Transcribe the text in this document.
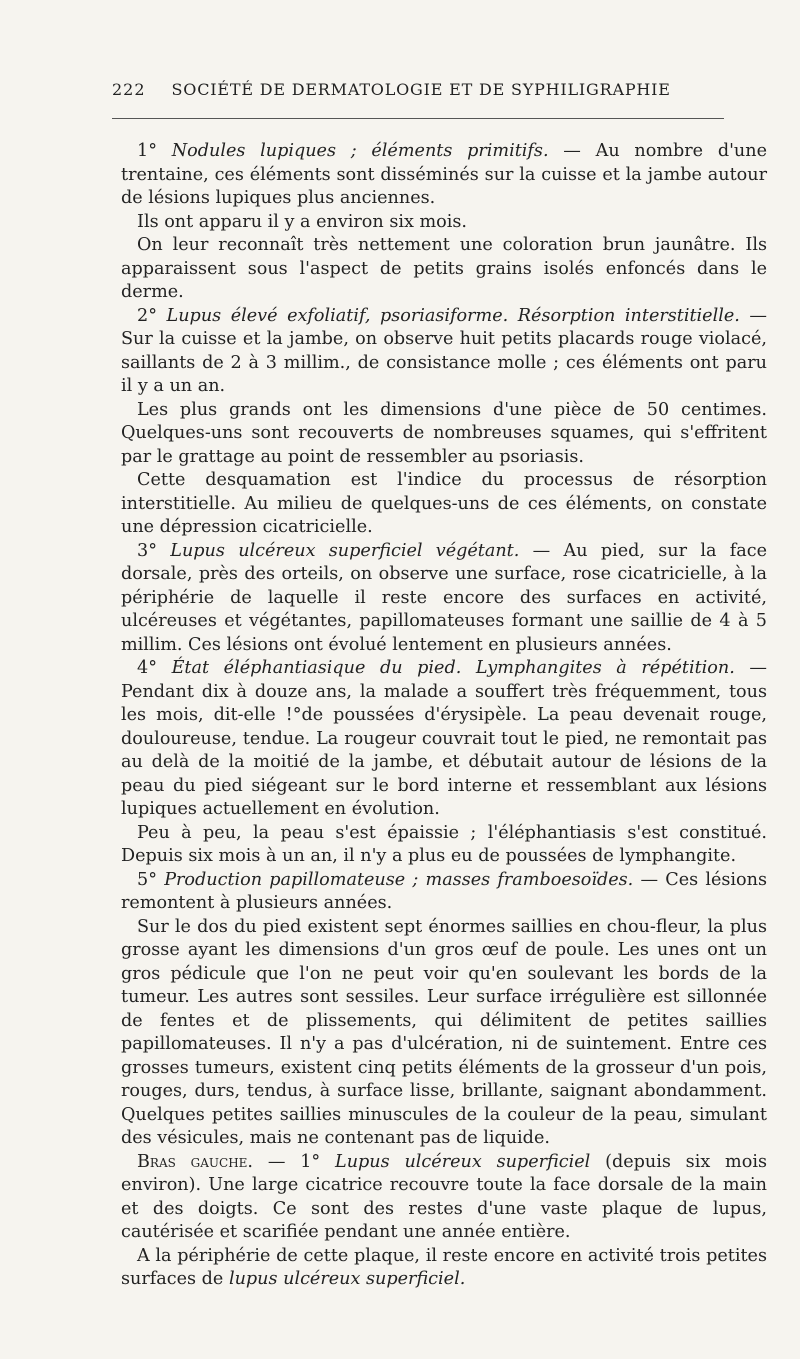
222 SOCIÉTÉ DE DERMATOLOGIE ET DE SYPHILIGRAPHIE

1° Nodules lupiques ; éléments primitifs. — Au nombre d'une trentaine, ces éléments sont disséminés sur la cuisse et la jambe autour de lésions lupiques plus anciennes.

Ils ont apparu il y a environ six mois.

On leur reconnaît très nettement une coloration brun jaunâtre. Ils apparaissent sous l'aspect de petits grains isolés enfoncés dans le derme.

2° Lupus élevé exfoliatif, psoriasiforme. Résorption interstitielle. — Sur la cuisse et la jambe, on observe huit petits placards rouge violacé, saillants de 2 à 3 millim., de consistance molle ; ces éléments ont paru il y a un an.

Les plus grands ont les dimensions d'une pièce de 50 centimes. Quelques-uns sont recouverts de nombreuses squames, qui s'effritent par le grattage au point de ressembler au psoriasis.

Cette desquamation est l'indice du processus de résorption interstitielle. Au milieu de quelques-uns de ces éléments, on constate une dépression cicatricielle.

3° Lupus ulcéreux superficiel végétant. — Au pied, sur la face dorsale, près des orteils, on observe une surface, rose cicatricielle, à la périphérie de laquelle il reste encore des surfaces en activité, ulcéreuses et végétantes, papillomateuses formant une saillie de 4 à 5 millim. Ces lésions ont évolué lentement en plusieurs années.

4° État éléphantiasique du pied. Lymphangites à répétition. — Pendant dix à douze ans, la malade a souffert très fréquemment, tous les mois, dit-elle !°de poussées d'érysipèle. La peau devenait rouge, douloureuse, tendue. La rougeur couvrait tout le pied, ne remontait pas au delà de la moitié de la jambe, et débutait autour de lésions de la peau du pied siégeant sur le bord interne et ressemblant aux lésions lupiques actuellement en évolution.

Peu à peu, la peau s'est épaissie ; l'éléphantiasis s'est constitué. Depuis six mois à un an, il n'y a plus eu de poussées de lymphangite.

5° Production papillomateuse ; masses framboesoïdes. — Ces lésions remontent à plusieurs années.

Sur le dos du pied existent sept énormes saillies en chou-fleur, la plus grosse ayant les dimensions d'un gros œuf de poule. Les unes ont un gros pédicule que l'on ne peut voir qu'en soulevant les bords de la tumeur. Les autres sont sessiles. Leur surface irrégulière est sillonnée de fentes et de plissements, qui délimitent de petites saillies papillomateuses. Il n'y a pas d'ulcération, ni de suintement. Entre ces grosses tumeurs, existent cinq petits éléments de la grosseur d'un pois, rouges, durs, tendus, à surface lisse, brillante, saignant abondamment. Quelques petites saillies minuscules de la couleur de la peau, simulant des vésicules, mais ne contenant pas de liquide.

Bras gauche. — 1° Lupus ulcéreux superficiel (depuis six mois environ). Une large cicatrice recouvre toute la face dorsale de la main et des doigts. Ce sont des restes d'une vaste plaque de lupus, cautérisée et scarifiée pendant une année entière.

A la périphérie de cette plaque, il reste encore en activité trois petites surfaces de lupus ulcéreux superficiel.
